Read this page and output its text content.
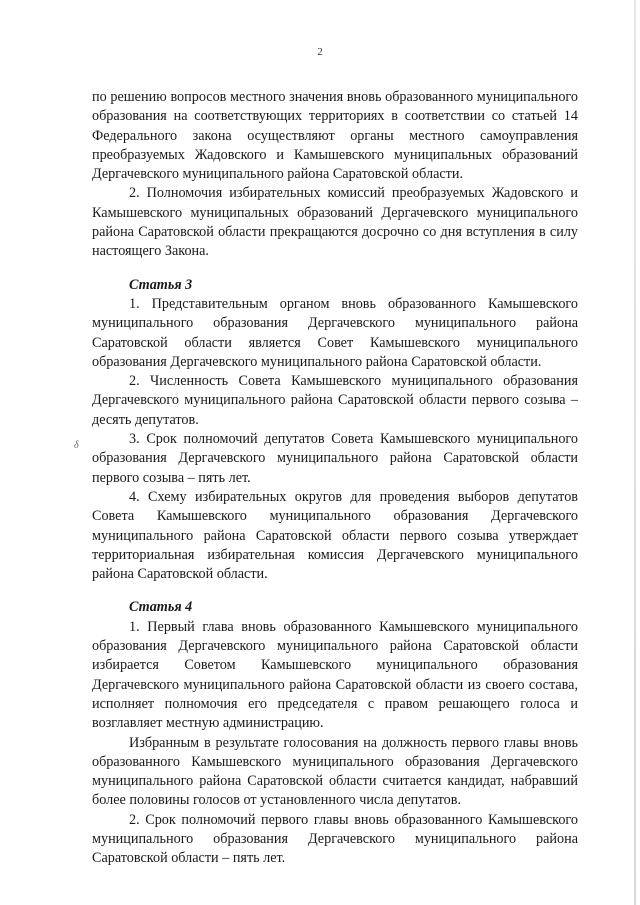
2
δ

по решению вопросов местного значения вновь образованного муниципального образования на соответствующих территориях в соответствии со статьей 14 Федерального закона осуществляют органы местного самоуправления преобразуемых Жадовского и Камышевского муниципальных образований Дергачевского муниципального района Саратовской области.

2. Полномочия избирательных комиссий преобразуемых Жадовского и Камышевского муниципальных образований Дергачевского муниципального района Саратовской области прекращаются досрочно со дня вступления в силу настоящего Закона.

Статья 3

1. Представительным органом вновь образованного Камышевского муниципального образования Дергачевского муниципального района Саратовской области является Совет Камышевского муниципального образования Дергачевского муниципального района Саратовской области.

2. Численность Совета Камышевского муниципального образования Дергачевского муниципального района Саратовской области первого созыва – десять депутатов.

3. Срок полномочий депутатов Совета Камышевского муниципального образования Дергачевского муниципального района Саратовской области первого созыва – пять лет.

4. Схему избирательных округов для проведения выборов депутатов Совета Камышевского муниципального образования Дергачевского муниципального района Саратовской области первого созыва утверждает территориальная избирательная комиссия Дергачевского муниципального района Саратовской области.

Статья 4

1. Первый глава вновь образованного Камышевского муниципального образования Дергачевского муниципального района Саратовской области избирается Советом Камышевского муниципального образования Дергачевского муниципального района Саратовской области из своего состава, исполняет полномочия его председателя с правом решающего голоса и возглавляет местную администрацию.

Избранным в результате голосования на должность первого главы вновь образованного Камышевского муниципального образования Дергачевского муниципального района Саратовской области считается кандидат, набравший более половины голосов от установленного числа депутатов.

2. Срок полномочий первого главы вновь образованного Камышевского муниципального образования Дергачевского муниципального района Саратовской области – пять лет.
